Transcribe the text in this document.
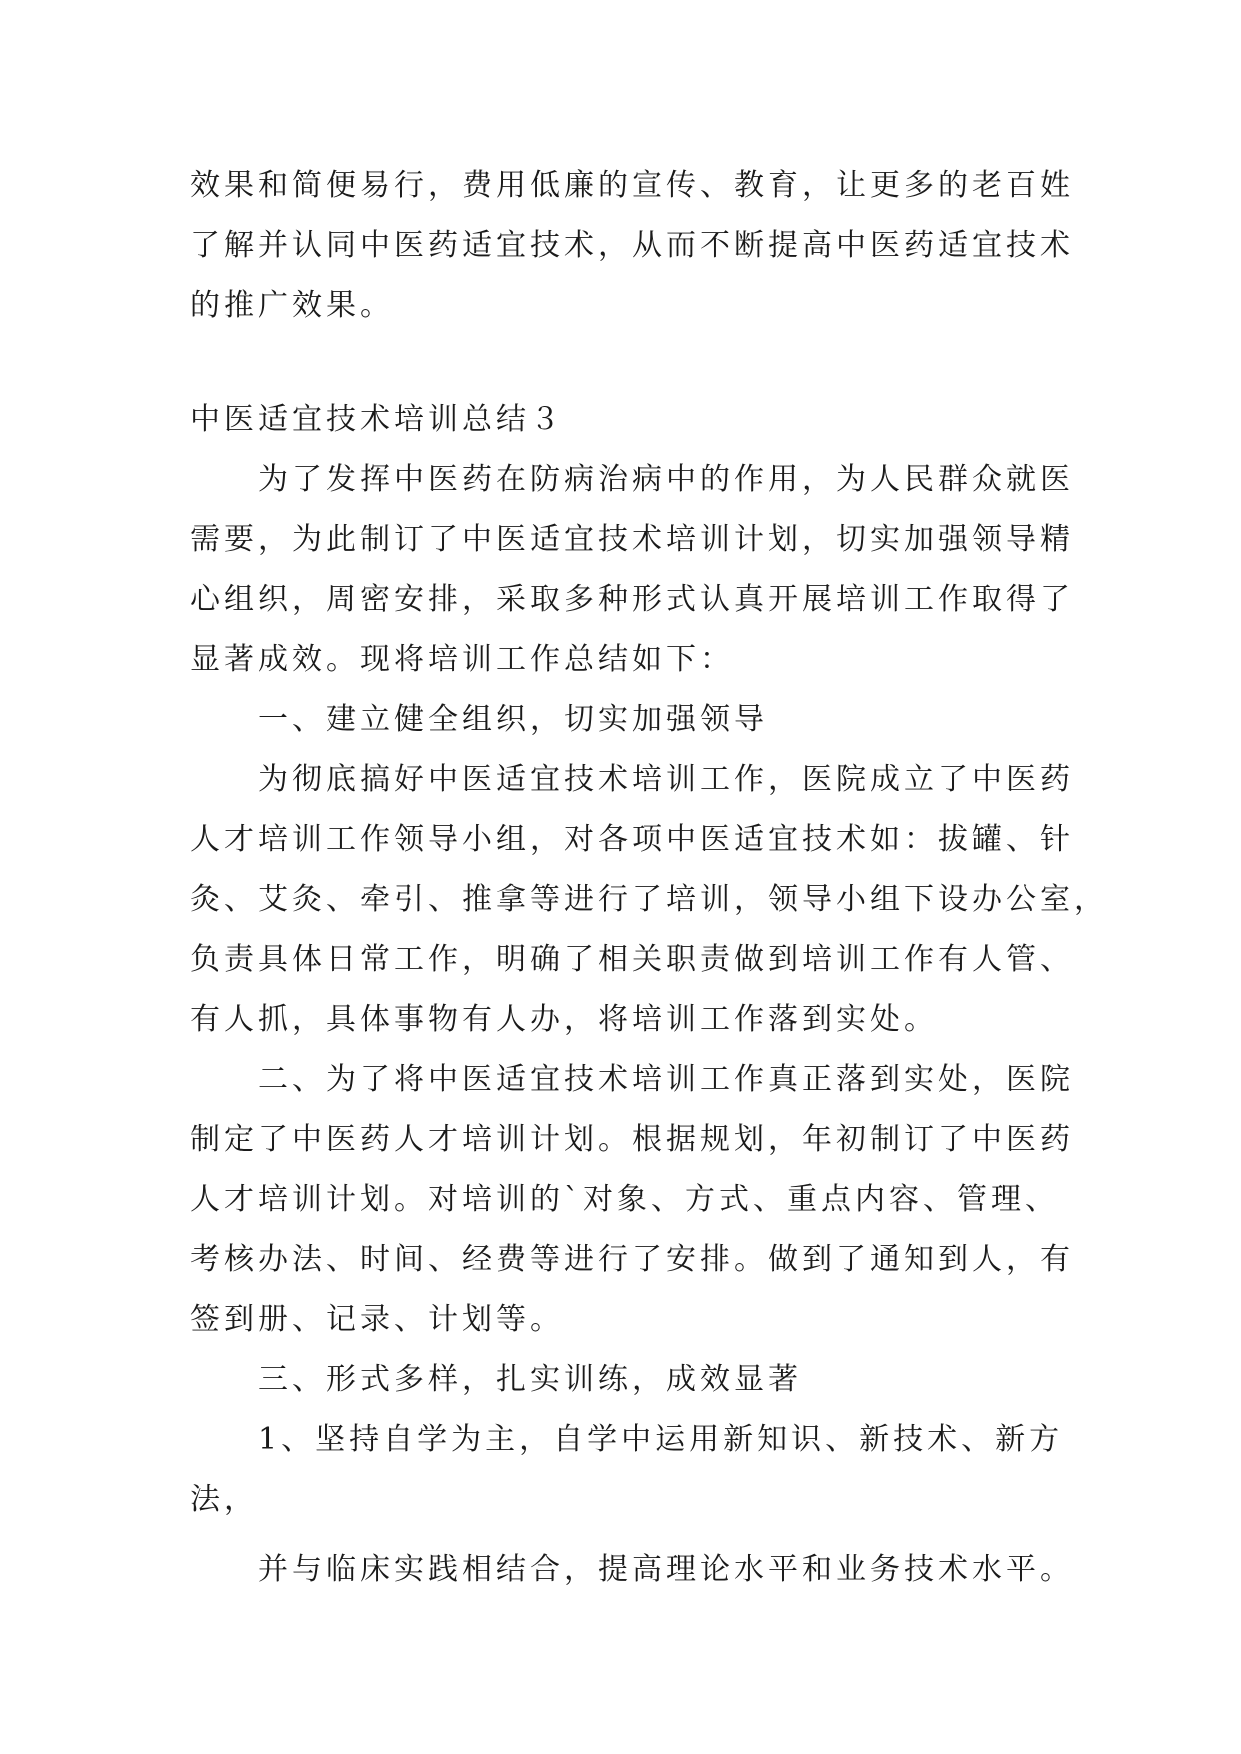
效果和简便易行，费用低廉的宣传、教育，让更多的老百姓
了解并认同中医药适宜技术，从而不断提高中医药适宜技术
的推广效果。
中医适宜技术培训总结３
为了发挥中医药在防病治病中的作用，为人民群众就医
需要，为此制订了中医适宜技术培训计划，切实加强领导精
心组织，周密安排，采取多种形式认真开展培训工作取得了
显著成效。现将培训工作总结如下：
一、建立健全组织，切实加强领导
为彻底搞好中医适宜技术培训工作，医院成立了中医药
人才培训工作领导小组，对各项中医适宜技术如：拔罐、针
灸、艾灸、牵引、推拿等进行了培训，领导小组下设办公室，
负责具体日常工作，明确了相关职责做到培训工作有人管、
有人抓，具体事物有人办，将培训工作落到实处。
二、为了将中医适宜技术培训工作真正落到实处，医院
制定了中医药人才培训计划。根据规划，年初制订了中医药
人才培训计划。对培训的`对象、方式、重点内容、管理、
考核办法、时间、经费等进行了安排。做到了通知到人，有
签到册、记录、计划等。
三、形式多样，扎实训练，成效显著
1、坚持自学为主，自学中运用新知识、新技术、新方
法，
并与临床实践相结合，提高理论水平和业务技术水平。
